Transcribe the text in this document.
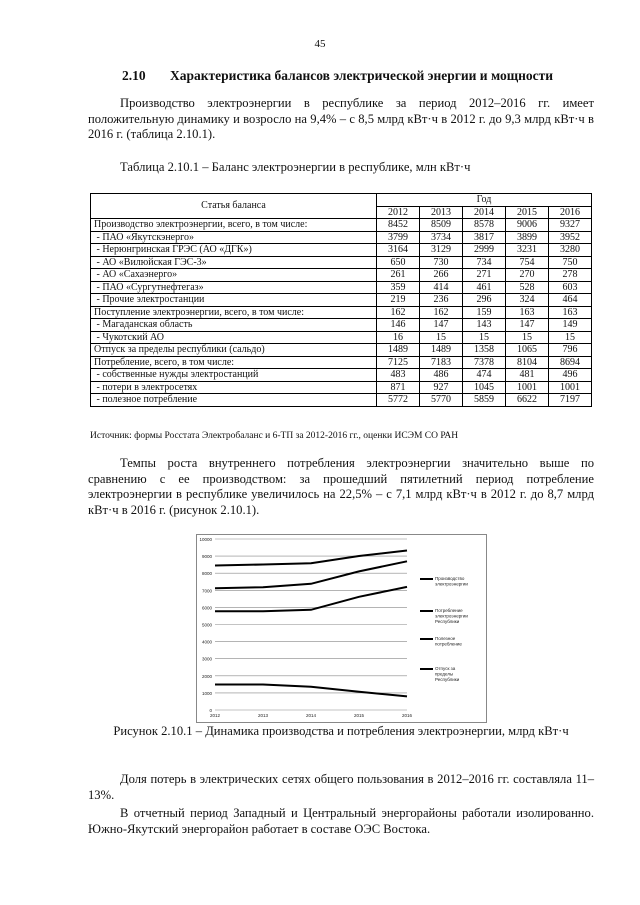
45
2.10 Характеристика балансов электрической энергии и мощности
Производство электроэнергии в республике за период 2012–2016 гг. имеет положительную динамику и возросло на 9,4% – с 8,5 млрд кВт·ч в 2012 г. до 9,3 млрд кВт·ч в 2016 г. (таблица 2.10.1).
Таблица 2.10.1 – Баланс электроэнергии в республике, млн кВт·ч
Статья баланса	Год				
	2012	2013	2014	2015	2016
Производство электроэнергии, всего, в том числе:	8452	8509	8578	9006	9327
- ПАО «Якутскэнерго»	3799	3734	3817	3899	3952
- Нерюнгринская ГРЭС (АО «ДГК»)	3164	3129	2999	3231	3280
- АО «Вилюйская ГЭС-3»	650	730	734	754	750
- АО «Сахаэнерго»	261	266	271	270	278
- ПАО «Сургутнефтегаз»	359	414	461	528	603
- Прочие электростанции	219	236	296	324	464
Поступление электроэнергии, всего, в том числе:	162	162	159	163	163
- Магаданская область	146	147	143	147	149
- Чукотский АО	16	15	15	15	15
Отпуск за пределы республики (сальдо)	1489	1489	1358	1065	796
Потребление, всего, в том числе:	7125	7183	7378	8104	8694
- собственные нужды электростанций	483	486	474	481	496
- потери в электросетях	871	927	1045	1001	1001
- полезное потребление	5772	5770	5859	6622	7197
Источник: формы Росстата Электробаланс и 6-ТП за 2012-2016 гг., оценки ИСЭМ СО РАН
Темпы роста внутреннего потребления электроэнергии значительно выше по сравнению с ее производством: за прошедший пятилетний период потребление электроэнергии в республике увеличилось на 22,5% – с 7,1 млрд кВт·ч в 2012 г. до 8,7 млрд кВт·ч в 2016 г. (рисунок 2.10.1).
0
1000
2000
3000
4000
5000
6000
7000
8000
9000
10000
2012	2013	2014	2015	2016
Производство электроэнергии
Потребление электроэнергии Республики
Полезное потребление
Отпуск за пределы Республики
Рисунок 2.10.1 – Динамика производства и потребления электроэнергии, млрд кВт·ч
Доля потерь в электрических сетях общего пользования в 2012–2016 гг. составляла 11–13%.
В отчетный период Западный и Центральный энергорайоны работали изолированно. Южно-Якутский энергорайон работает в составе ОЭС Востока.
